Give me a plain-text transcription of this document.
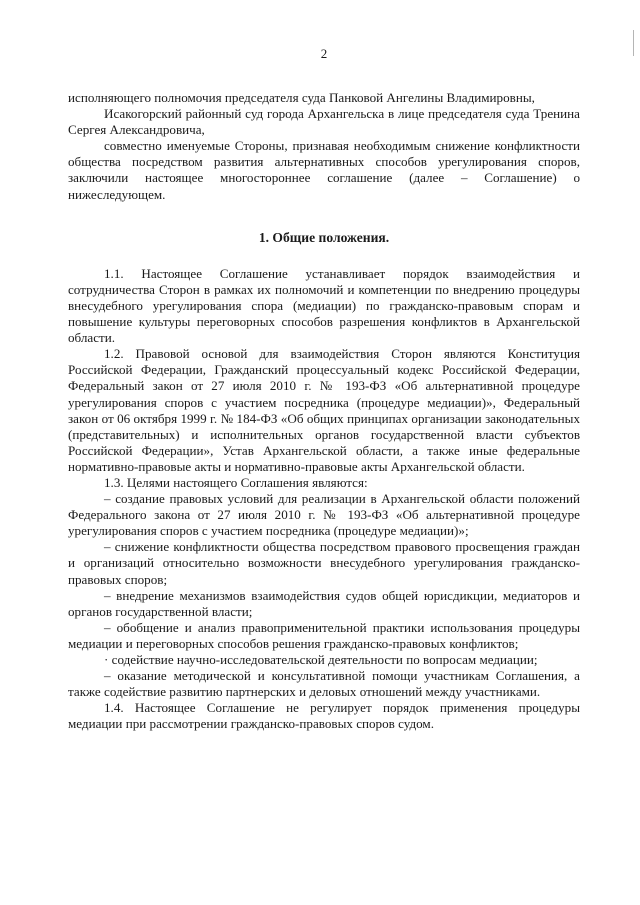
2

исполняющего полномочия председателя суда Панковой Ангелины Владимировны,

Исакогорский районный суд города Архангельска в лице председателя суда Тренина Сергея Александровича,

совместно именуемые Стороны, признавая необходимым снижение конфликтности общества посредством развития альтернативных способов урегулирования споров, заключили настоящее многостороннее соглашение (далее – Соглашение) о нижеследующем.

1. Общие положения.

1.1. Настоящее Соглашение устанавливает порядок взаимодействия и сотрудничества Сторон в рамках их полномочий и компетенции по внедрению процедуры внесудебного урегулирования спора (медиации) по гражданско-правовым спорам и повышение культуры переговорных способов разрешения конфликтов в Архангельской области.

1.2. Правовой основой для взаимодействия Сторон являются Конституция Российской Федерации, Гражданский процессуальный кодекс Российской Федерации, Федеральный закон от 27 июля 2010 г. № 193-ФЗ «Об альтернативной процедуре урегулирования споров с участием посредника (процедуре медиации)», Федеральный закон от 06 октября 1999 г. № 184-ФЗ «Об общих принципах организации законодательных (представительных) и исполнительных органов государственной власти субъектов Российской Федерации», Устав Архангельской области, а также иные федеральные нормативно-правовые акты и нормативно-правовые акты Архангельской области.

1.3. Целями настоящего Соглашения являются:

– создание правовых условий для реализации в Архангельской области положений Федерального закона от 27 июля 2010 г. № 193-ФЗ «Об альтернативной процедуре урегулирования споров с участием посредника (процедуре медиации)»;

– снижение конфликтности общества посредством правового просвещения граждан и организаций относительно возможности внесудебного урегулирования гражданско-правовых споров;

– внедрение механизмов взаимодействия судов общей юрисдикции, медиаторов и органов государственной власти;

– обобщение и анализ правоприменительной практики использования процедуры медиации и переговорных способов решения гражданско-правовых конфликтов;

· содействие научно-исследовательской деятельности по вопросам медиации;

– оказание методической и консультативной помощи участникам Соглашения, а также содействие развитию партнерских и деловых отношений между участниками.

1.4. Настоящее Соглашение не регулирует порядок применения процедуры медиации при рассмотрении гражданско-правовых споров судом.
